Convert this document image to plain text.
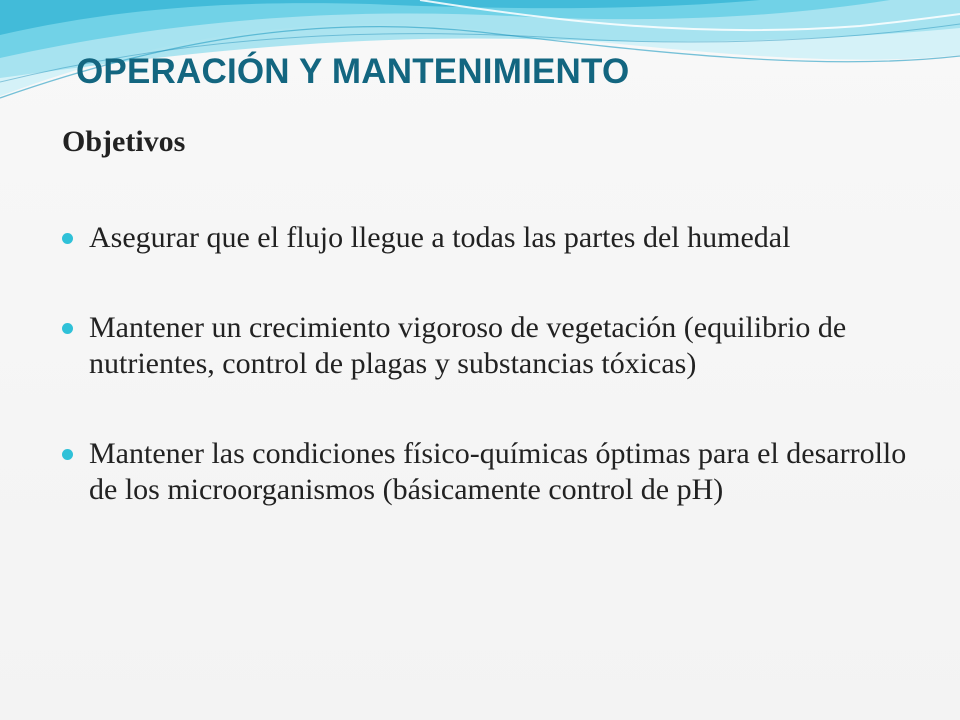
OPERACIÓN Y MANTENIMIENTO
Objetivos
Asegurar que el flujo llegue a todas las partes del humedal
Mantener un crecimiento vigoroso de vegetación (equilibrio de nutrientes, control de plagas y substancias tóxicas)
Mantener las condiciones físico-químicas óptimas para el desarrollo de los microorganismos (básicamente control de pH)
